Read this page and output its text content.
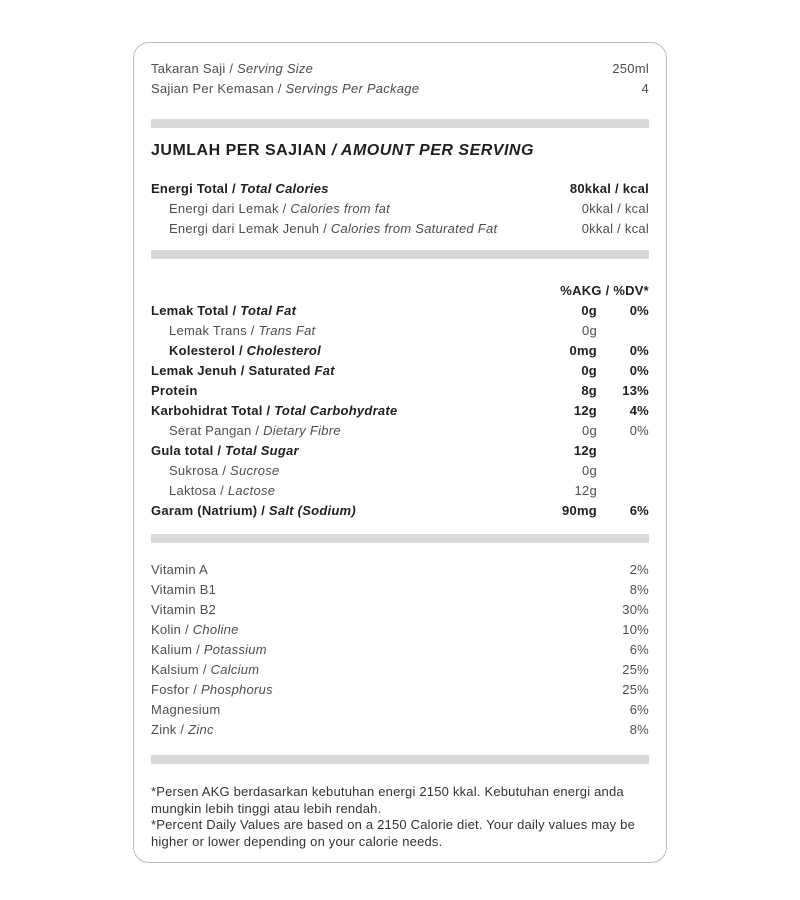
Takaran Saji / Serving Size	250ml
Sajian Per Kemasan / Servings Per Package	4
JUMLAH PER SAJIAN / AMOUNT PER SERVING
Energi Total / Total Calories	80kkal / kcal
Energi dari Lemak / Calories from fat	0kkal / kcal
Energi dari Lemak Jenuh / Calories from Saturated Fat	0kkal / kcal
%AKG / %DV*
Lemak Total / Total Fat	0g	0%
Lemak Trans / Trans Fat	0g
Kolesterol / Cholesterol	0mg	0%
Lemak Jenuh / Saturated Fat	0g	0%
Protein	8g	13%
Karbohidrat Total / Total Carbohydrate	12g	4%
Serat Pangan / Dietary Fibre	0g	0%
Gula total / Total Sugar	12g
Sukrosa / Sucrose	0g
Laktosa / Lactose	12g
Garam (Natrium) / Salt (Sodium)	90mg	6%
Vitamin A	2%
Vitamin B1	8%
Vitamin B2	30%
Kolin / Choline	10%
Kalium / Potassium	6%
Kalsium / Calcium	25%
Fosfor / Phosphorus	25%
Magnesium	6%
Zink / Zinc	8%
*Persen AKG berdasarkan kebutuhan energi 2150 kkal. Kebutuhan energi anda mungkin lebih tinggi atau lebih rendah.
*Percent Daily Values are based on a 2150 Calorie diet. Your daily values may be higher or lower depending on your calorie needs.
